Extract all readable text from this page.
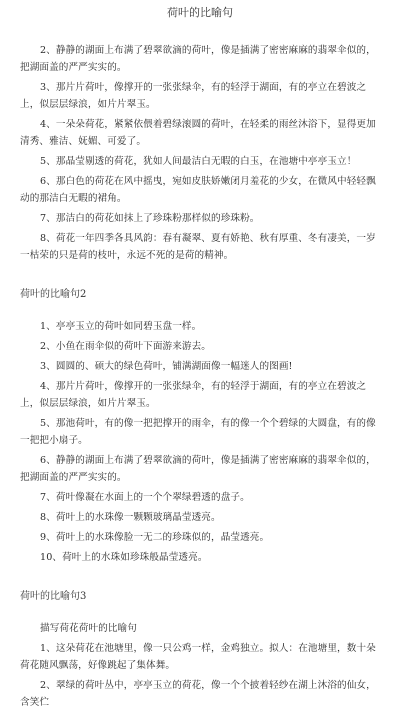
荷叶的比喻句

2、静静的湖面上布满了碧翠欲滴的荷叶，像是插满了密密麻麻的翡翠伞似的，把湖面盖的严严实实的。

3、那片片荷叶，像撑开的一张张绿伞，有的轻浮于湖面，有的亭立在碧波之上，似层层绿浪，如片片翠玉。

4、一朵朵荷花，紧紧依偎着碧绿滚圆的荷叶，在轻柔的雨丝沐浴下，显得更加清秀、雅洁、妩媚、可爱了。

5、那晶莹剔透的荷花，犹如人间最洁白无暇的白玉，在池塘中亭亭玉立！

6、那白色的荷花在风中摇曳，宛如皮肤娇嫩闭月羞花的少女，在微风中轻轻飘动的那洁白无暇的裙角。

7、那洁白的荷花如抹上了珍珠粉那样似的珍珠粉。

8、荷花一年四季各具风韵：春有凝翠、夏有娇艳、秋有厚重、冬有凄美，一岁一枯荣的只是荷的枝叶，永远不死的是荷的精神。

荷叶的比喻句2

1、亭亭玉立的荷叶如同碧玉盘一样。

2、小鱼在雨伞似的荷叶下面游来游去。

3、圆圆的、硕大的绿色荷叶，铺满湖面像一幅迷人的图画!

4、那片片荷叶，像撑开的一张张绿伞，有的轻浮于湖面，有的亭立在碧波之上，似层层绿浪，如片片翠玉。

5、那池荷叶，有的像一把把撑开的雨伞，有的像一个个碧绿的大圆盘，有的像一把把小扇子。

6、静静的湖面上布满了碧翠欲滴的荷叶，像是插满了密密麻麻的翡翠伞似的，把湖面盖的严严实实的。

7、荷叶像凝在水面上的一个个翠绿碧透的盘子。

8、荷叶上的水珠像一颗颗玻璃晶莹透亮。

9、荷叶上的水珠像脸一无二的珍珠似的，晶莹透亮。

10、荷叶上的水珠如珍珠般晶莹透亮。

荷叶的比喻句3

描写荷花荷叶的比喻句

1、这朵荷花在池塘里，像一只公鸡一样，金鸡独立。拟人：在池塘里，数十朵荷花随风飘荡，好像跳起了集体舞。

2、翠绿的荷叶丛中，亭亭玉立的荷花，像一个个披着轻纱在湖上沐浴的仙女，含笑伫
